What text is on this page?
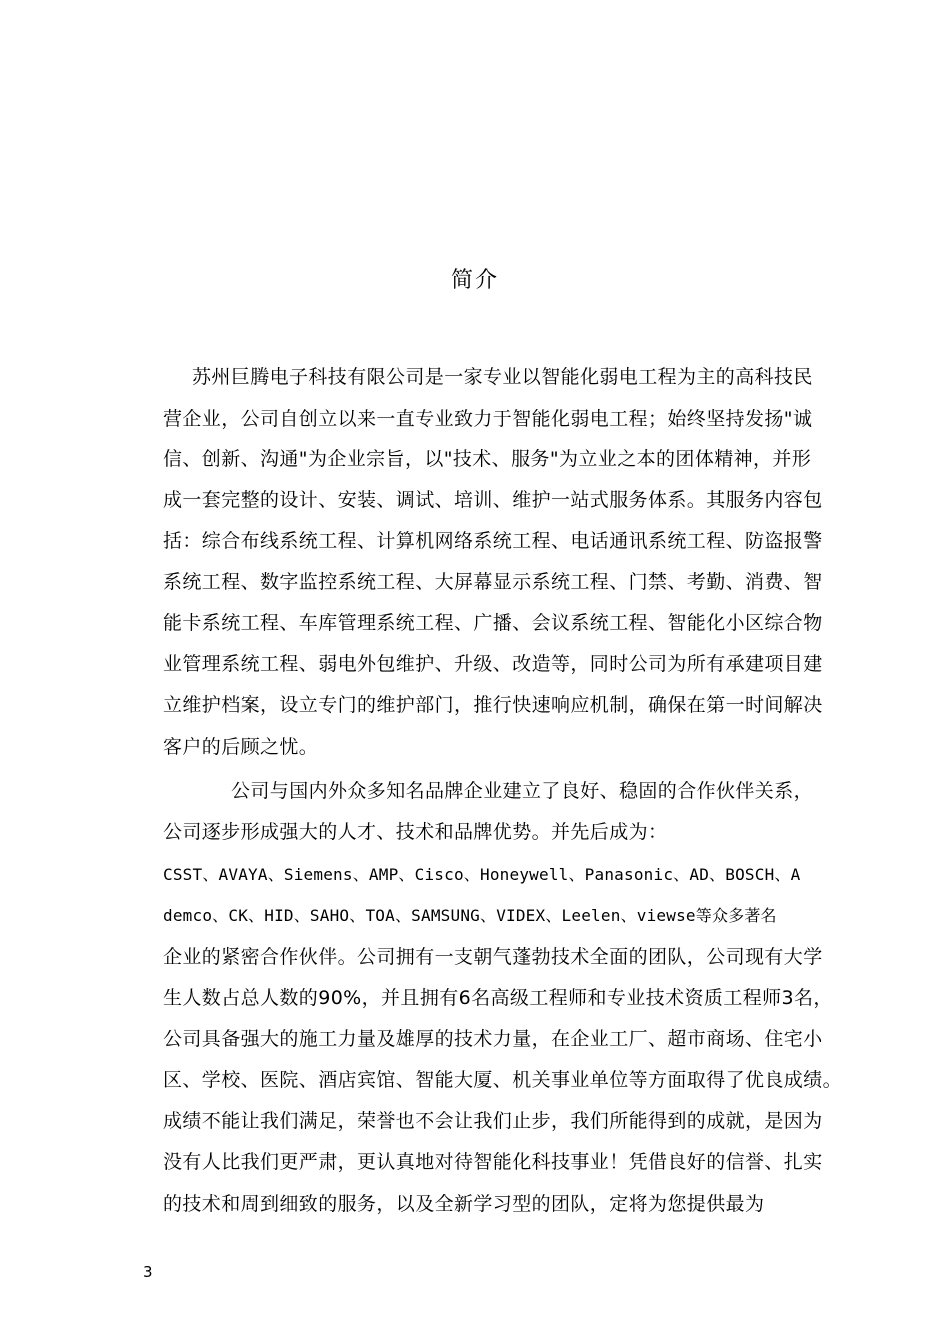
简介
苏州巨腾电子科技有限公司是一家专业以智能化弱电工程为主的高科技民
营企业，公司自创立以来一直专业致力于智能化弱电工程；始终坚持发扬"诚
信、创新、沟通"为企业宗旨，以"技术、服务"为立业之本的团体精神，并形
成一套完整的设计、安装、调试、培训、维护一站式服务体系。其服务内容包
括：综合布线系统工程、计算机网络系统工程、电话通讯系统工程、防盗报警
系统工程、数字监控系统工程、大屏幕显示系统工程、门禁、考勤、消费、智
能卡系统工程、车库管理系统工程、广播、会议系统工程、智能化小区综合物
业管理系统工程、弱电外包维护、升级、改造等，同时公司为所有承建项目建
立维护档案，设立专门的维护部门，推行快速响应机制，确保在第一时间解决
客户的后顾之忧。
公司与国内外众多知名品牌企业建立了良好、稳固的合作伙伴关系，
公司逐步形成强大的人才、技术和品牌优势。并先后成为：
CSST、AVAYA、Siemens、AMP、Cisco、Honeywell、Panasonic、AD、BOSCH、A
demco、CK、HID、SAHO、TOA、SAMSUNG、VIDEX、Leelen、viewse等众多著名
企业的紧密合作伙伴。公司拥有一支朝气蓬勃技术全面的团队，公司现有大学
生人数占总人数的90%，并且拥有6名高级工程师和专业技术资质工程师3名，
公司具备强大的施工力量及雄厚的技术力量，在企业工厂、超市商场、住宅小
区、学校、医院、酒店宾馆、智能大厦、机关事业单位等方面取得了优良成绩。
成绩不能让我们满足，荣誉也不会让我们止步，我们所能得到的成就，是因为
没有人比我们更严肃，更认真地对待智能化科技事业！凭借良好的信誉、扎实
的技术和周到细致的服务，以及全新学习型的团队，定将为您提供最为
3
